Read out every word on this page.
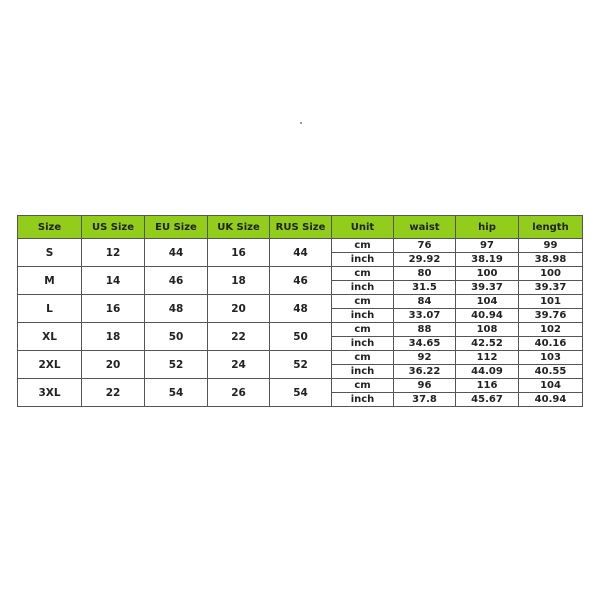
Size	US Size	EU Size	UK Size	RUS Size	Unit	waist	hip	length
S	12	44	16	44	cm	76	97	99
					inch	29.92	38.19	38.98
M	14	46	18	46	cm	80	100	100
					inch	31.5	39.37	39.37
L	16	48	20	48	cm	84	104	101
					inch	33.07	40.94	39.76
XL	18	50	22	50	cm	88	108	102
					inch	34.65	42.52	40.16
2XL	20	52	24	52	cm	92	112	103
					inch	36.22	44.09	40.55
3XL	22	54	26	54	cm	96	116	104
					inch	37.8	45.67	40.94
